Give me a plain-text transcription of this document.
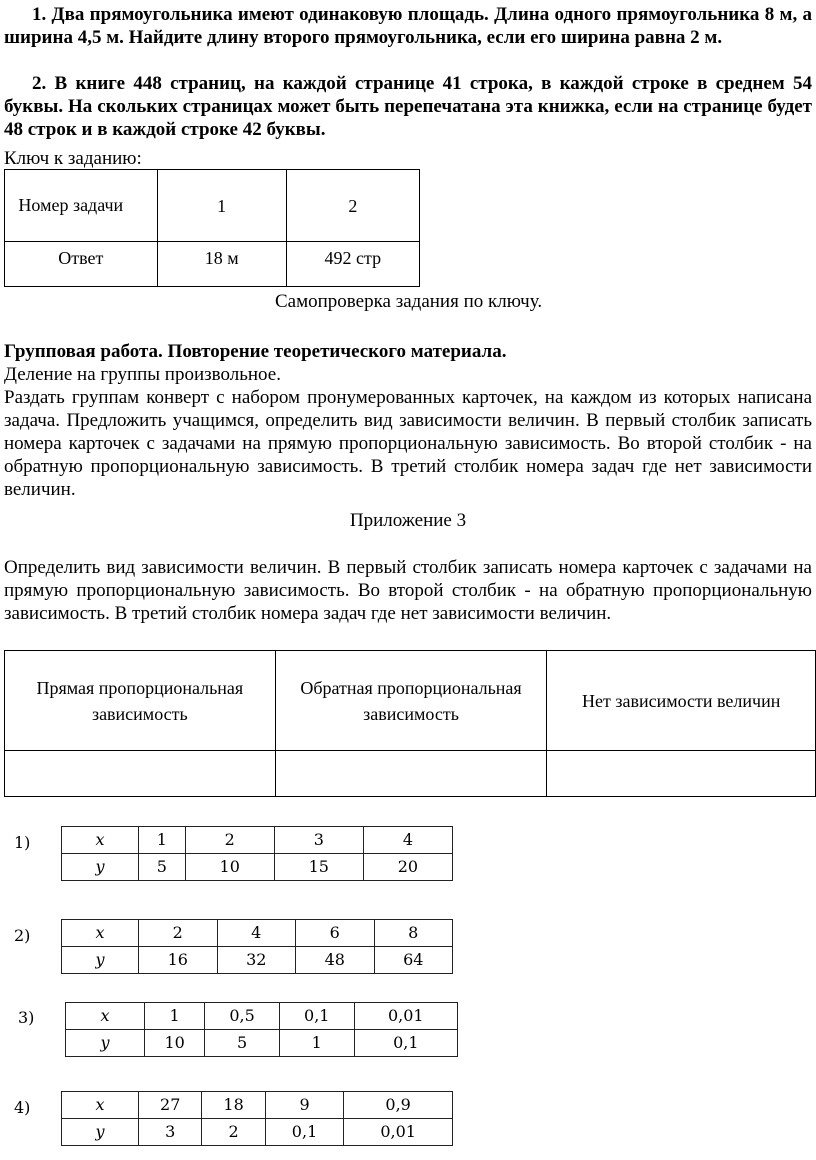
1. Два прямоугольника имеют одинаковую площадь. Длина одного прямоугольника 8 м, а ширина 4,5 м. Найдите длину второго прямоугольника, если его ширина равна 2 м.
2. В книге 448 страниц, на каждой странице 41 строка, в каждой строке в среднем 54 буквы. На скольких страницах может быть перепечатана эта книжка, если на странице будет 48 строк и в каждой строке 42 буквы.
Ключ к заданию:
Номер задачи	1	2
Ответ	18 м	492 стр
Самопроверка задания по ключу.
Групповая работа. Повторение теоретического материала.
Деление на группы произвольное.
Раздать группам конверт с набором пронумерованных карточек, на каждом из которых написана задача. Предложить учащимся, определить вид зависимости величин. В первый столбик записать номера карточек с задачами на прямую пропорциональную зависимость. Во второй столбик - на обратную пропорциональную зависимость. В третий столбик номера задач где нет зависимости величин.
Приложение 3
Определить вид зависимости величин. В первый столбик записать номера карточек с задачами на прямую пропорциональную зависимость. Во второй столбик - на обратную пропорциональную зависимость. В третий столбик номера задач где нет зависимости величин.
Прямая пропорциональная зависимость	Обратная пропорциональная зависимость	Нет зависимости величин

1)	x	1	2	3	4
y	5	10	15	20
2)	x	2	4	6	8
y	16	32	48	64
3)	x	1	0,5	0,1	0,01
y	10	5	1	0,1
4)	x	27	18	9	0,9
y	3	2	0,1	0,01
